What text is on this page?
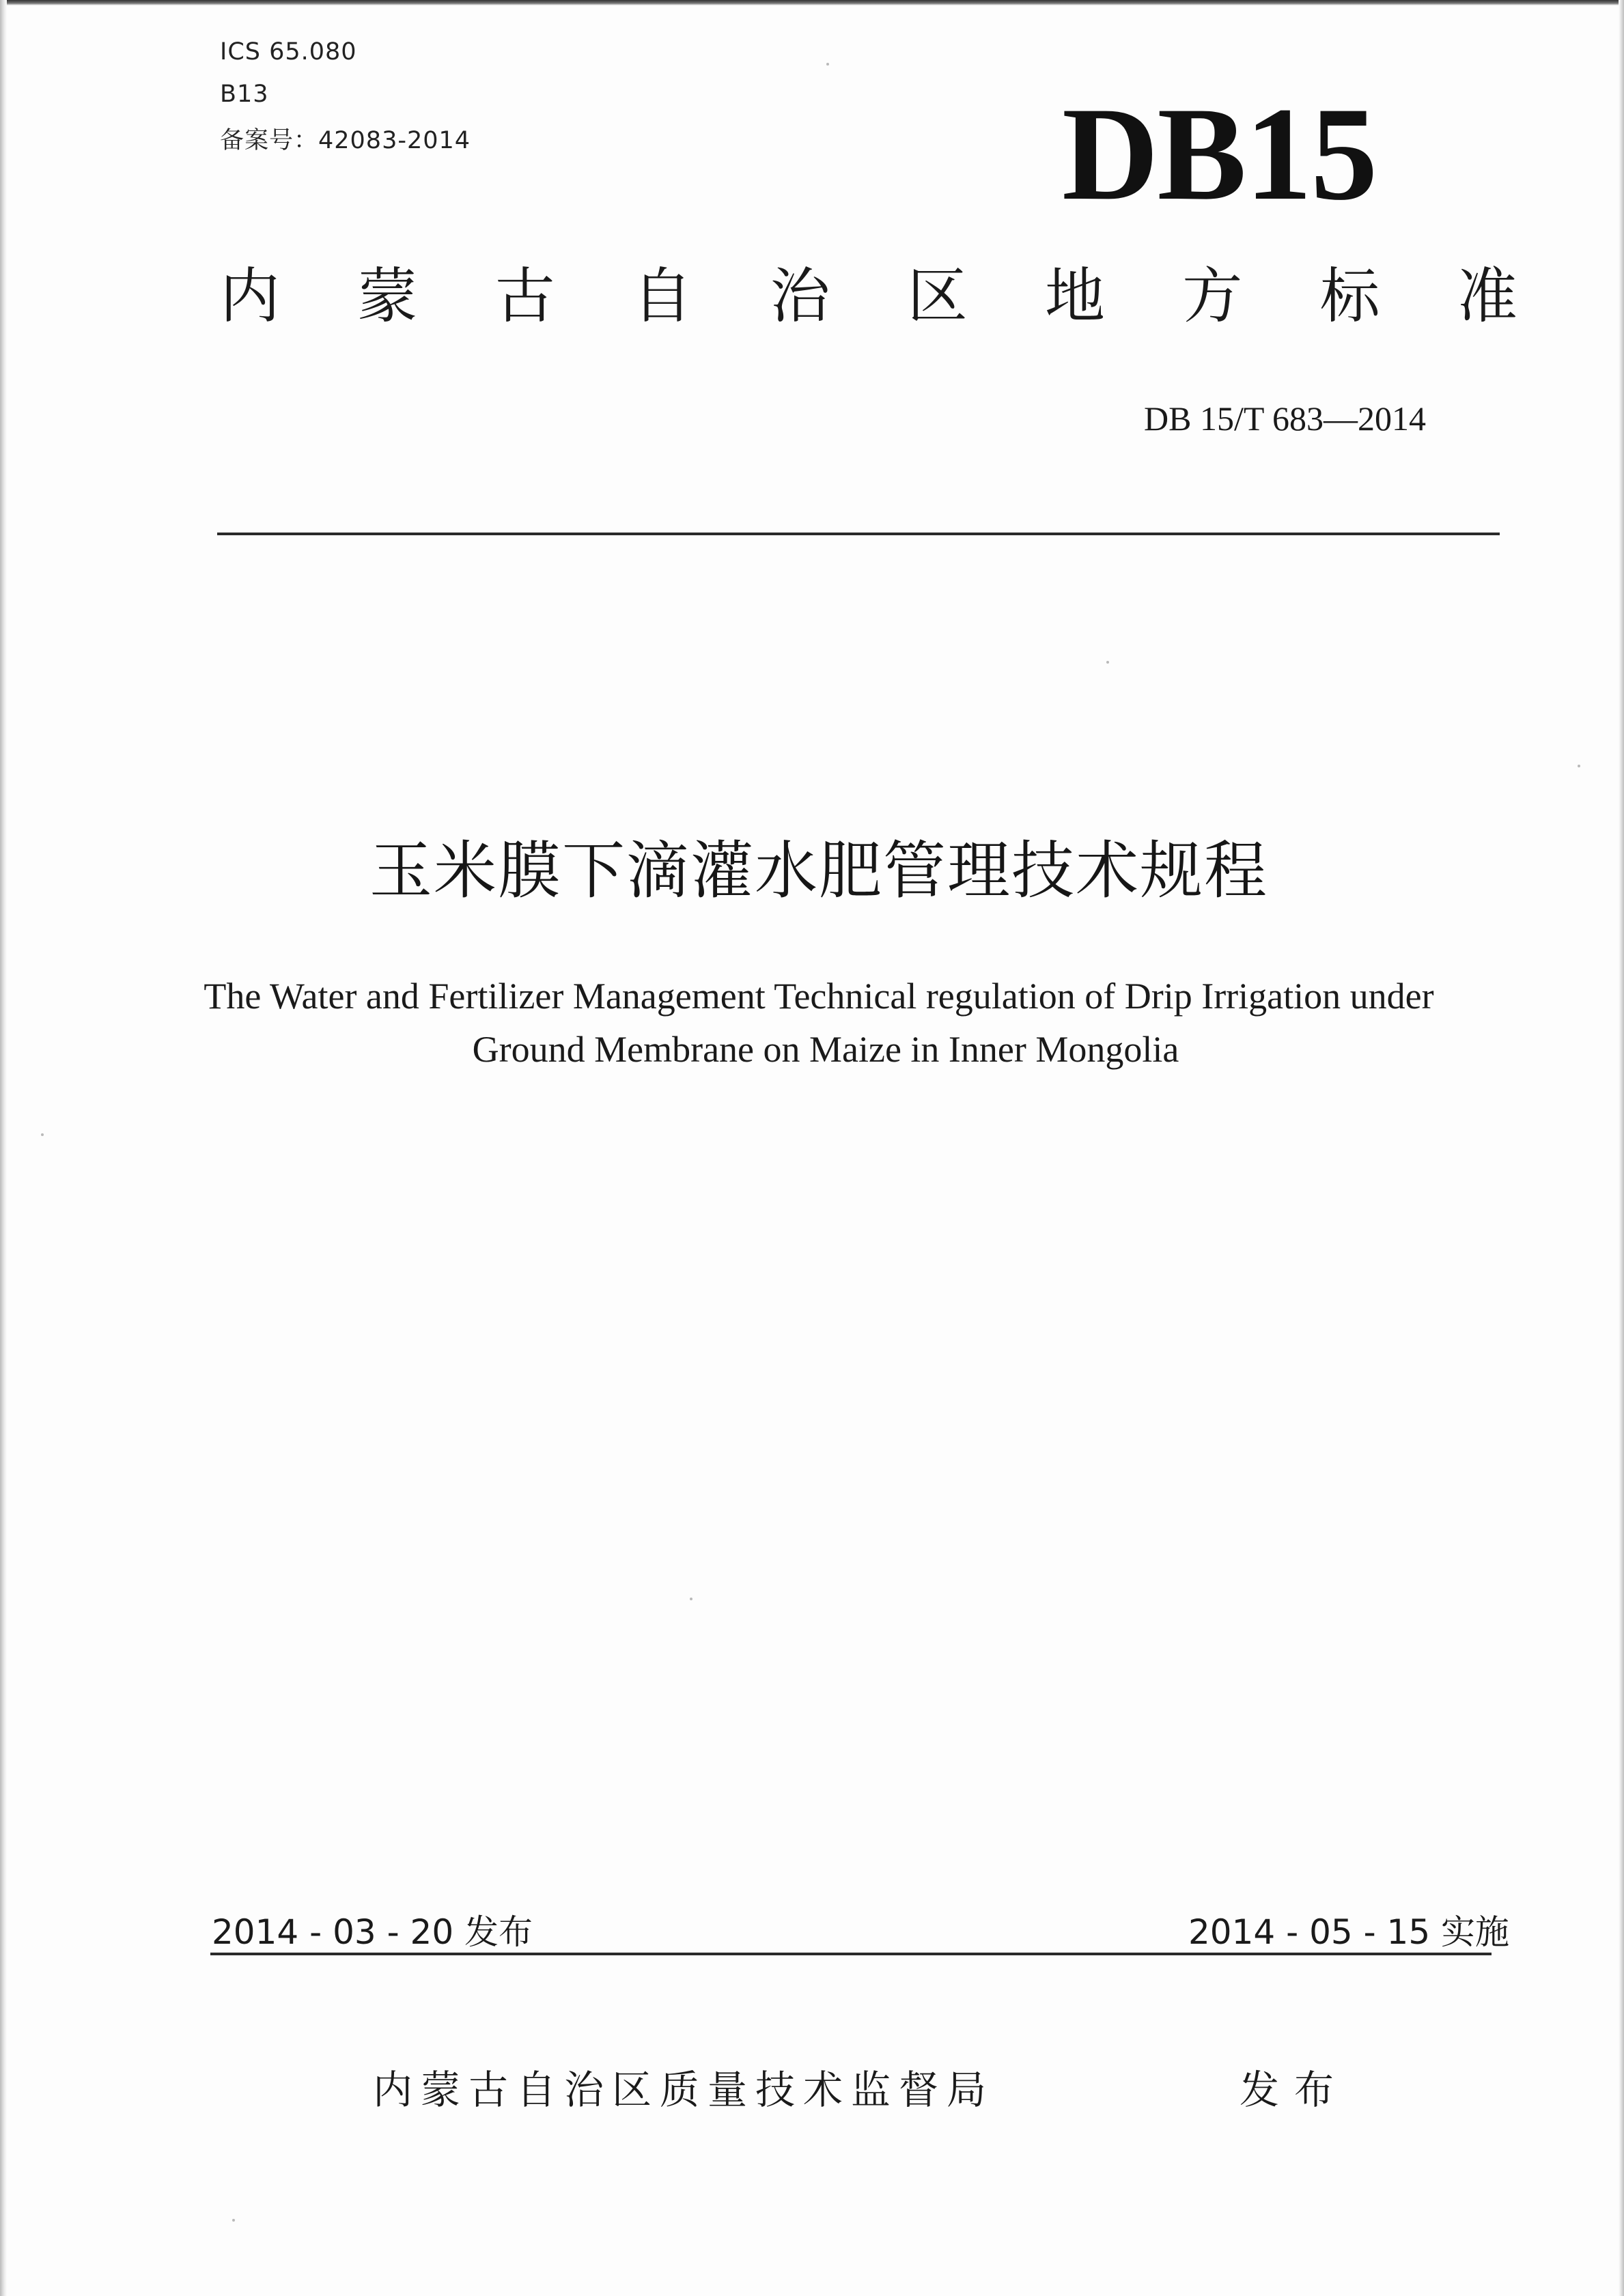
ICS 65.080
B13
备案号：42083-2014	DB15
内 蒙 古 自 治 区 地 方 标 准
DB 15/T 683—2014
玉米膜下滴灌水肥管理技术规程
The Water and Fertilizer Management Technical regulation of Drip Irrigation under
Ground Membrane on Maize in Inner Mongolia
2014 - 03 - 20 发布	2014 - 05 - 15 实施
内蒙古自治区质量技术监督局	发布
